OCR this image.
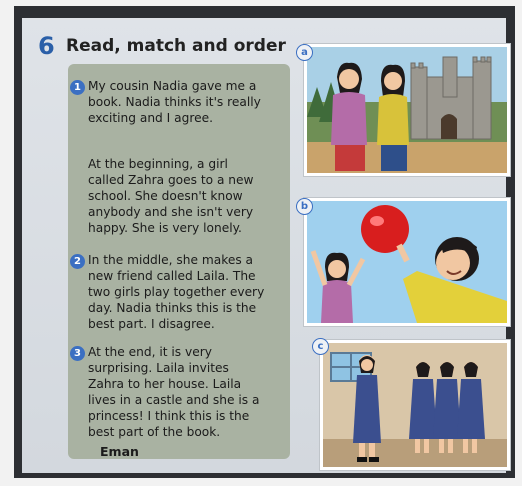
6 Read, match and order
1 My cousin Nadia gave me a
book. Nadia thinks it's really
exciting and I agree.
At the beginning, a girl
called Zahra goes to a new
school. She doesn't know
anybody and she isn't very
happy. She is very lonely.
2 In the middle, she makes a
new friend called Laila. The
two girls play together every
day. Nadia thinks this is the
best part. I disagree.
3 At the end, it is very
surprising. Laila invites
Zahra to her house. Laila
lives in a castle and she is a
princess! I think this is the
best part of the book.
Eman
a
b
c
